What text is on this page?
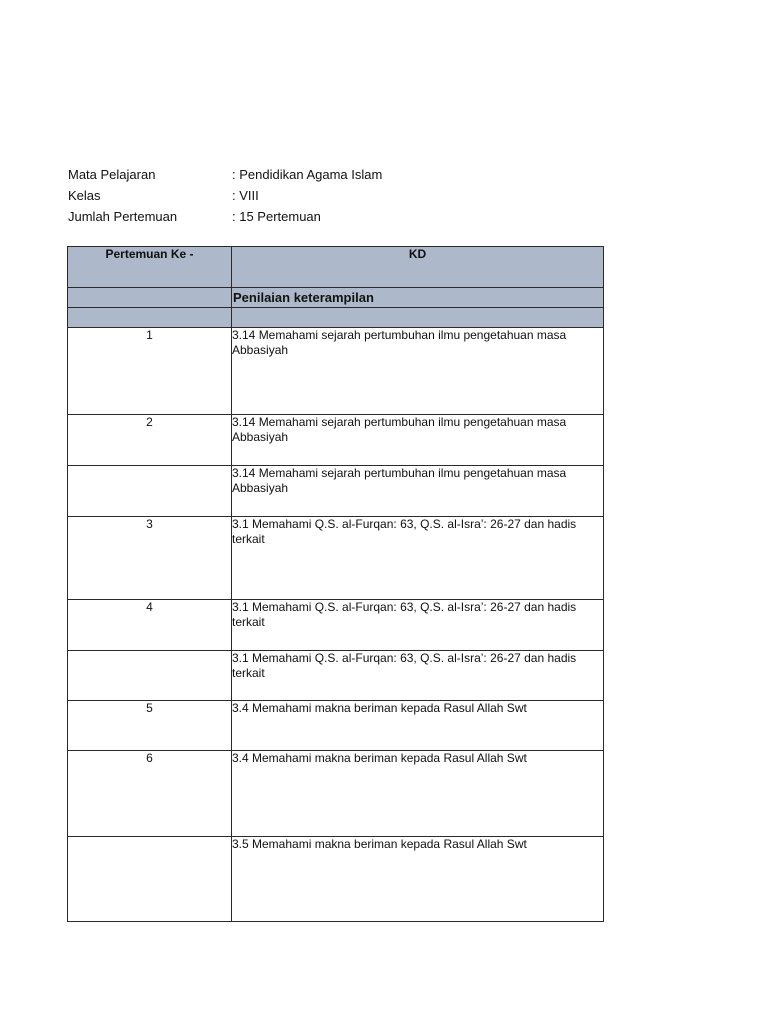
Mata Pelajaran	: Pendidikan Agama Islam
Kelas	: VIII
Jumlah Pertemuan	: 15 Pertemuan
Pertemuan Ke -	KD
	Penilaian keterampilan

1	3.14 Memahami sejarah pertumbuhan ilmu pengetahuan masa Abbasiyah
2	3.14 Memahami sejarah pertumbuhan ilmu pengetahuan masa Abbasiyah
	3.14 Memahami sejarah pertumbuhan ilmu pengetahuan masa Abbasiyah
3	3.1 Memahami Q.S. al-Furqan: 63, Q.S. al-Isra’: 26-27 dan hadis terkait
4	3.1 Memahami Q.S. al-Furqan: 63, Q.S. al-Isra’: 26-27 dan hadis terkait
	3.1 Memahami Q.S. al-Furqan: 63, Q.S. al-Isra’: 26-27 dan hadis terkait
5	3.4 Memahami makna beriman kepada Rasul Allah Swt
6	3.4 Memahami makna beriman kepada Rasul Allah Swt
	3.5 Memahami makna beriman kepada Rasul Allah Swt
